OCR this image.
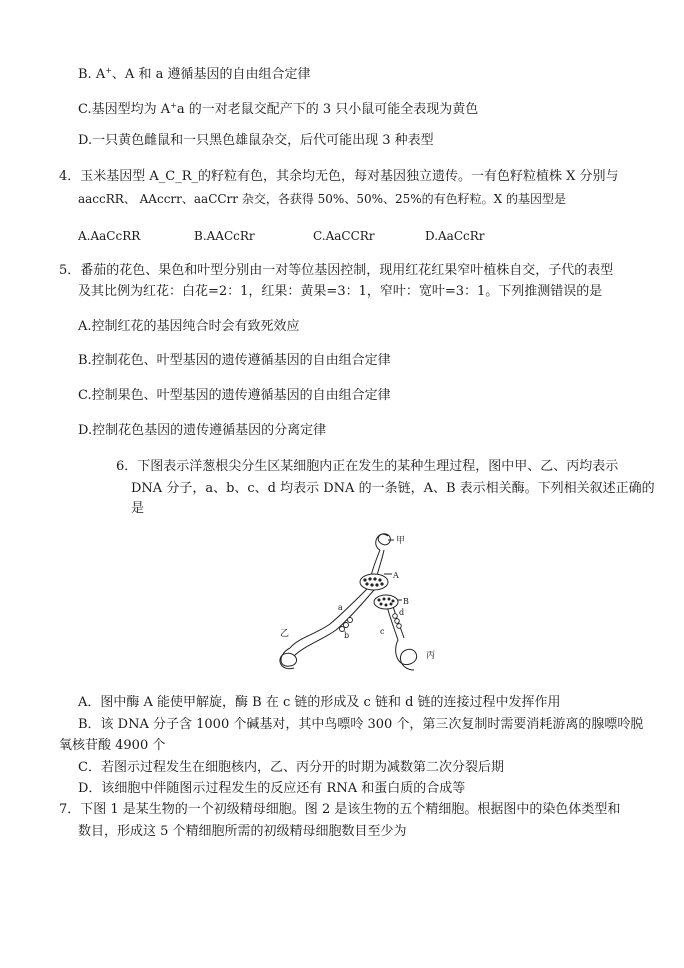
B. A+、A 和 a 遵循基因的自由组合定律
C.基因型均为 A+a 的一对老鼠交配产下的 3 只小鼠可能全表现为黄色
D.一只黄色雌鼠和一只黑色雄鼠杂交，后代可能出现 3 种表型
4．玉米基因型 A_C_R_的籽粒有色，其余均无色，每对基因独立遗传。一有色籽粒植株 X 分别与
aaccRR、 AAccrr、aaCCrr 杂交，各获得 50%、50%、25%的有色籽粒。X 的基因型是
A.AaCcRR	B.AACcRr	C.AaCCRr	D.AaCcRr
5．番茄的花色、果色和叶型分别由一对等位基因控制，现用红花红果窄叶植株自交，子代的表型
及其比例为红花：白花=2：1，红果：黄果=3：1，窄叶：宽叶=3：1。下列推测错误的是
A.控制红花的基因纯合时会有致死效应
B.控制花色、叶型基因的遗传遵循基因的自由组合定律
C.控制果色、叶型基因的遗传遵循基因的自由组合定律
D.控制花色基因的遗传遵循基因的分离定律
6．下图表示洋葱根尖分生区某细胞内正在发生的某种生理过程，图中甲、乙、丙均表示
DNA 分子，a、b、c、d 均表示 DNA 的一条链，A、B 表示相关酶。下列相关叙述正确的
是
甲
A
B
a
b	c
d
乙
丙
A．图中酶 A 能使甲解旋，酶 B 在 c 链的形成及 c 链和 d 链的连接过程中发挥作用
B．该 DNA 分子含 1000 个碱基对，其中鸟嘌呤 300 个，第三次复制时需要消耗游离的腺嘌呤脱
氧核苷酸 4900 个
C．若图示过程发生在细胞核内，乙、丙分开的时期为减数第二次分裂后期
D．该细胞中伴随图示过程发生的反应还有 RNA 和蛋白质的合成等
7．下图 1 是某生物的一个初级精母细胞。图 2 是该生物的五个精细胞。根据图中的染色体类型和
数目，形成这 5 个精细胞所需的初级精母细胞数目至少为
